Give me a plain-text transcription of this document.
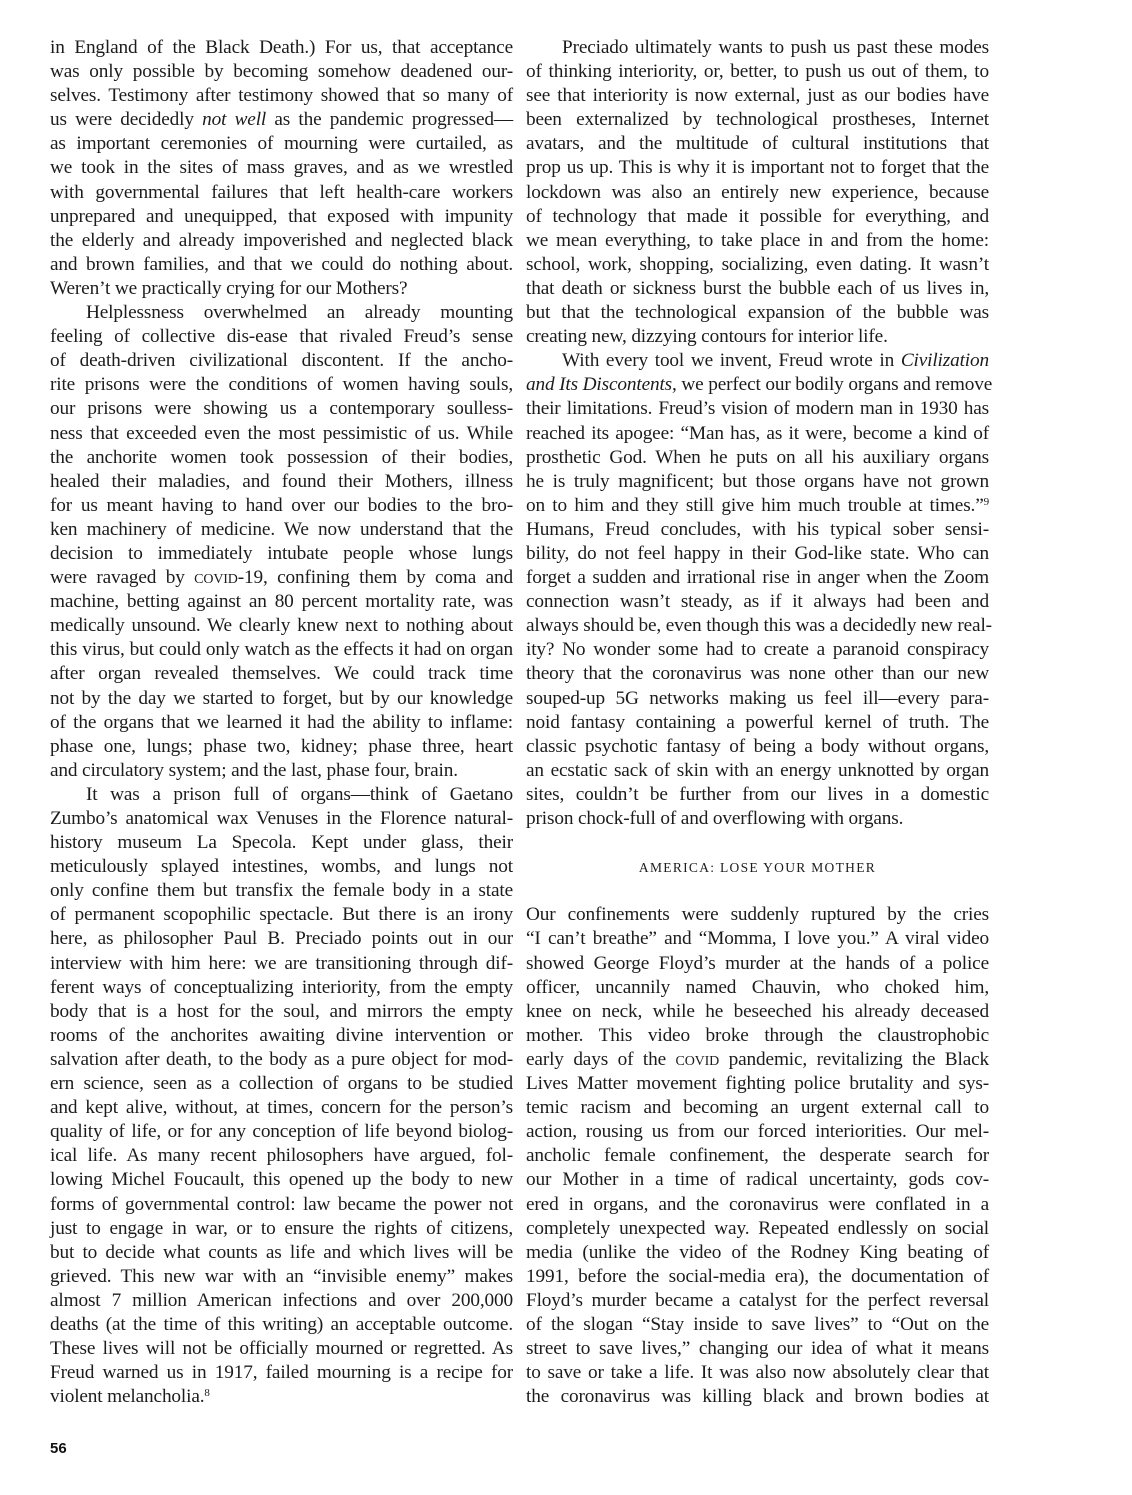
in England of the Black Death.) For us, that acceptance
was only possible by becoming somehow deadened our-
selves. Testimony after testimony showed that so many of
us were decidedly not well as the pandemic progressed—
as important ceremonies of mourning were curtailed, as
we took in the sites of mass graves, and as we wrestled
with governmental failures that left health-care workers
unprepared and unequipped, that exposed with impunity
the elderly and already impoverished and neglected black
and brown families, and that we could do nothing about.
Weren’t we practically crying for our Mothers?
Helplessness overwhelmed an already mounting
feeling of collective dis-ease that rivaled Freud’s sense
of death-driven civilizational discontent. If the ancho-
rite prisons were the conditions of women having souls,
our prisons were showing us a contemporary soulless-
ness that exceeded even the most pessimistic of us. While
the anchorite women took possession of their bodies,
healed their maladies, and found their Mothers, illness
for us meant having to hand over our bodies to the bro-
ken machinery of medicine. We now understand that the
decision to immediately intubate people whose lungs
were ravaged by covid-19, confining them by coma and
machine, betting against an 80 percent mortality rate, was
medically unsound. We clearly knew next to nothing about
this virus, but could only watch as the effects it had on organ
after organ revealed themselves. We could track time
not by the day we started to forget, but by our knowledge
of the organs that we learned it had the ability to inflame:
phase one, lungs; phase two, kidney; phase three, heart
and circulatory system; and the last, phase four, brain.
It was a prison full of organs—think of Gaetano
Zumbo’s anatomical wax Venuses in the Florence natural-
history museum La Specola. Kept under glass, their
meticulously splayed intestines, wombs, and lungs not
only confine them but transfix the female body in a state
of permanent scopophilic spectacle. But there is an irony
here, as philosopher Paul B. Preciado points out in our
interview with him here: we are transitioning through dif-
ferent ways of conceptualizing interiority, from the empty
body that is a host for the soul, and mirrors the empty
rooms of the anchorites awaiting divine intervention or
salvation after death, to the body as a pure object for mod-
ern science, seen as a collection of organs to be studied
and kept alive, without, at times, concern for the person’s
quality of life, or for any conception of life beyond biolog-
ical life. As many recent philosophers have argued, fol-
lowing Michel Foucault, this opened up the body to new
forms of governmental control: law became the power not
just to engage in war, or to ensure the rights of citizens,
but to decide what counts as life and which lives will be
grieved. This new war with an “invisible enemy” makes
almost 7 million American infections and over 200,000
deaths (at the time of this writing) an acceptable outcome.
These lives will not be officially mourned or regretted. As
Freud warned us in 1917, failed mourning is a recipe for
violent melancholia.$^8$
Preciado ultimately wants to push us past these modes
of thinking interiority, or, better, to push us out of them, to
see that interiority is now external, just as our bodies have
been externalized by technological prostheses, Internet
avatars, and the multitude of cultural institutions that
prop us up. This is why it is important not to forget that the
lockdown was also an entirely new experience, because
of technology that made it possible for everything, and
we mean everything, to take place in and from the home:
school, work, shopping, socializing, even dating. It wasn’t
that death or sickness burst the bubble each of us lives in,
but that the technological expansion of the bubble was
creating new, dizzying contours for interior life.
With every tool we invent, Freud wrote in Civilization
and Its Discontents, we perfect our bodily organs and remove
their limitations. Freud’s vision of modern man in 1930 has
reached its apogee: “Man has, as it were, become a kind of
prosthetic God. When he puts on all his auxiliary organs
he is truly magnificent; but those organs have not grown
on to him and they still give him much trouble at times.”$^9$
Humans, Freud concludes, with his typical sober sensi-
bility, do not feel happy in their God-like state. Who can
forget a sudden and irrational rise in anger when the Zoom
connection wasn’t steady, as if it always had been and
always should be, even though this was a decidedly new real-
ity? No wonder some had to create a paranoid conspiracy
theory that the coronavirus was none other than our new
souped-up 5G networks making us feel ill—every para-
noid fantasy containing a powerful kernel of truth. The
classic psychotic fantasy of being a body without organs,
an ecstatic sack of skin with an energy unknotted by organ
sites, couldn’t be further from our lives in a domestic
prison chock-full of and overflowing with organs.
AMERICA: LOSE YOUR MOTHER
Our confinements were suddenly ruptured by the cries
“I can’t breathe” and “Momma, I love you.” A viral video
showed George Floyd’s murder at the hands of a police
officer, uncannily named Chauvin, who choked him,
knee on neck, while he beseeched his already deceased
mother. This video broke through the claustrophobic
early days of the covid pandemic, revitalizing the Black
Lives Matter movement fighting police brutality and sys-
temic racism and becoming an urgent external call to
action, rousing us from our forced interiorities. Our mel-
ancholic female confinement, the desperate search for
our Mother in a time of radical uncertainty, gods cov-
ered in organs, and the coronavirus were conflated in a
completely unexpected way. Repeated endlessly on social
media (unlike the video of the Rodney King beating of
1991, before the social-media era), the documentation of
Floyd’s murder became a catalyst for the perfect reversal
of the slogan “Stay inside to save lives” to “Out on the
street to save lives,” changing our idea of what it means
to save or take a life. It was also now absolutely clear that
the coronavirus was killing black and brown bodies at
56
